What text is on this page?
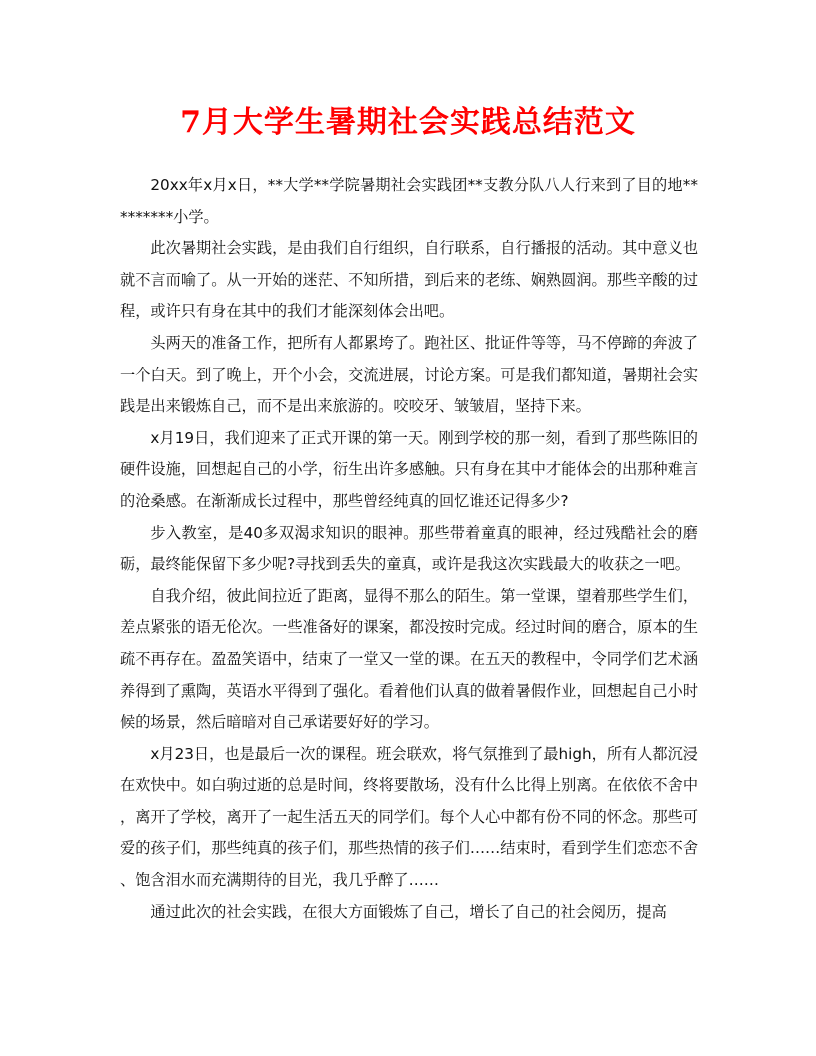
7月大学生暑期社会实践总结范文

20xx年x月x日，**大学**学院暑期社会实践团**支教分队八人行来到了目的地*********小学。

此次暑期社会实践，是由我们自行组织，自行联系，自行播报的活动。其中意义也就不言而喻了。从一开始的迷茫、不知所措，到后来的老练、娴熟圆润。那些辛酸的过程，或许只有身在其中的我们才能深刻体会出吧。

头两天的准备工作，把所有人都累垮了。跑社区、批证件等等，马不停蹄的奔波了一个白天。到了晚上，开个小会，交流进展，讨论方案。可是我们都知道，暑期社会实践是出来锻炼自己，而不是出来旅游的。咬咬牙、皱皱眉，坚持下来。

x月19日，我们迎来了正式开课的第一天。刚到学校的那一刻，看到了那些陈旧的硬件设施，回想起自己的小学，衍生出许多感触。只有身在其中才能体会的出那种难言的沧桑感。在渐渐成长过程中，那些曾经纯真的回忆谁还记得多少?

步入教室，是40多双渴求知识的眼神。那些带着童真的眼神，经过残酷社会的磨砺，最终能保留下多少呢?寻找到丢失的童真，或许是我这次实践最大的收获之一吧。

自我介绍，彼此间拉近了距离，显得不那么的陌生。第一堂课，望着那些学生们，差点紧张的语无伦次。一些准备好的课案，都没按时完成。经过时间的磨合，原本的生疏不再存在。盈盈笑语中，结束了一堂又一堂的课。在五天的教程中，令同学们艺术涵养得到了熏陶，英语水平得到了强化。看着他们认真的做着暑假作业，回想起自己小时候的场景，然后暗暗对自己承诺要好好的学习。

x月23日，也是最后一次的课程。班会联欢，将气氛推到了最high，所有人都沉浸在欢快中。如白驹过逝的总是时间，终将要散场，没有什么比得上别离。在依依不舍中，离开了学校，离开了一起生活五天的同学们。每个人心中都有份不同的怀念。那些可爱的孩子们，那些纯真的孩子们，那些热情的孩子们……结束时，看到学生们恋恋不舍、饱含泪水而充满期待的目光，我几乎醉了……

通过此次的社会实践，在很大方面锻炼了自己，增长了自己的社会阅历，提高
